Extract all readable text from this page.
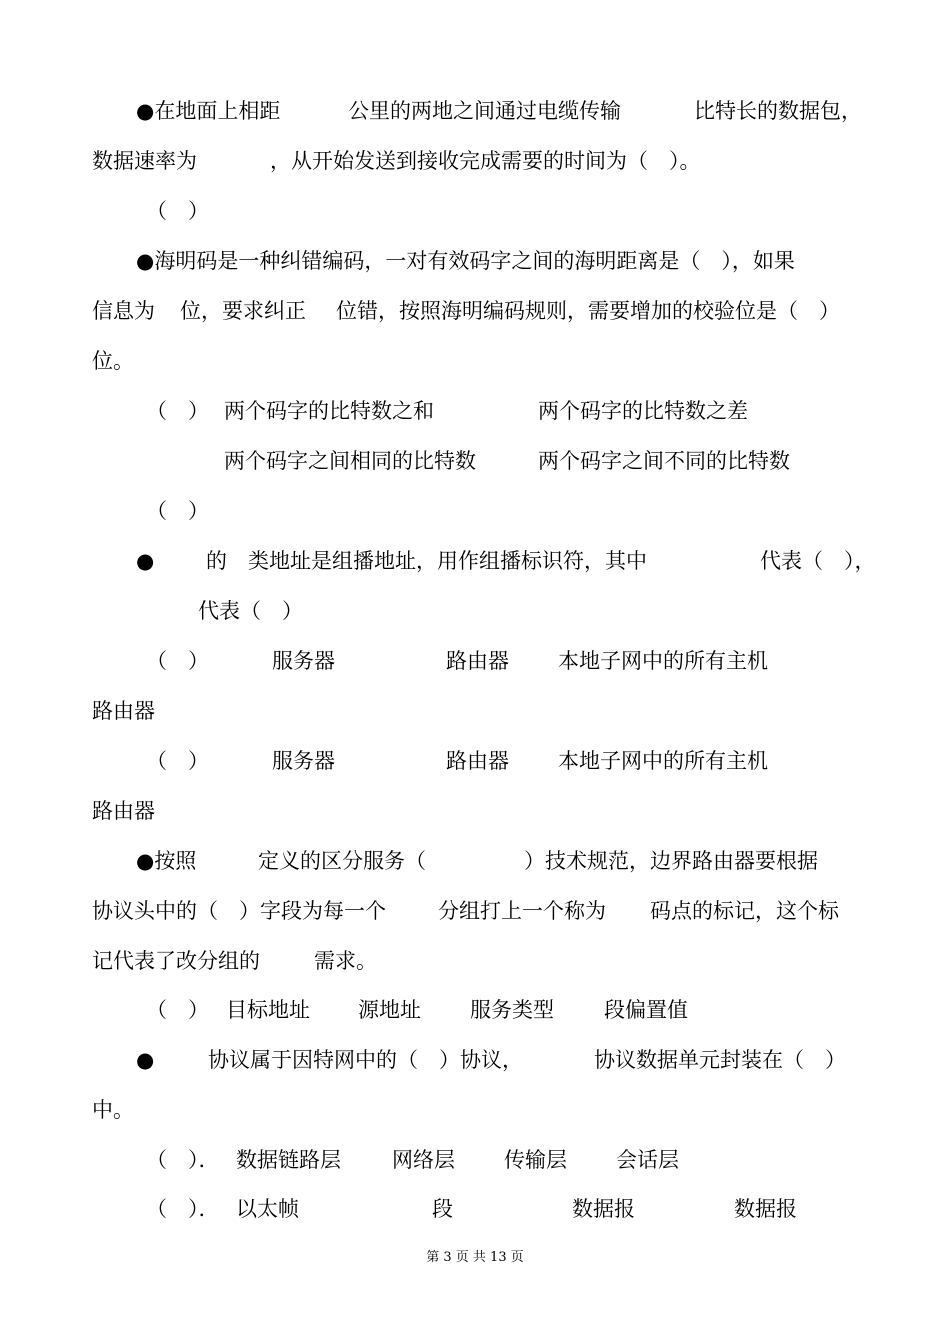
●在地面上相距	公里的两地之间通过电缆传输	比特长的数据包，
数据速率为	，从开始发送到接收完成需要的时间为（　）。
（　）
●海明码是一种纠错编码，一对有效码字之间的海明距离是（　），如果
信息为 位，要求纠正 位错，按照海明编码规则，需要增加的校验位是（　）
位。
（　） 两个码字的比特数之和	两个码字的比特数之差
两个码字之间相同的比特数	两个码字之间不同的比特数
（　）
● 的 类地址是组播地址，用作组播标识符，其中	代表（　），
代表（　）
（　）	服务器	路由器 本地子网中的所有主机
路由器
（　）	服务器	路由器 本地子网中的所有主机
路由器
●按照	定义的区分服务（	）技术规范，边界路由器要根据
协议头中的（　）字段为每一个 分组打上一个称为 码点的标记，这个标
记代表了改分组的	需求。
（　） 目标地址 源地址 服务类型 段偏置值
●	协议属于因特网中的（　）协议，	协议数据单元封装在（　）
中。
（　）． 数据链路层 网络层 传输层 会话层
（　）． 以太帧	段	数据报	数据报
第 3 页 共 13 页
